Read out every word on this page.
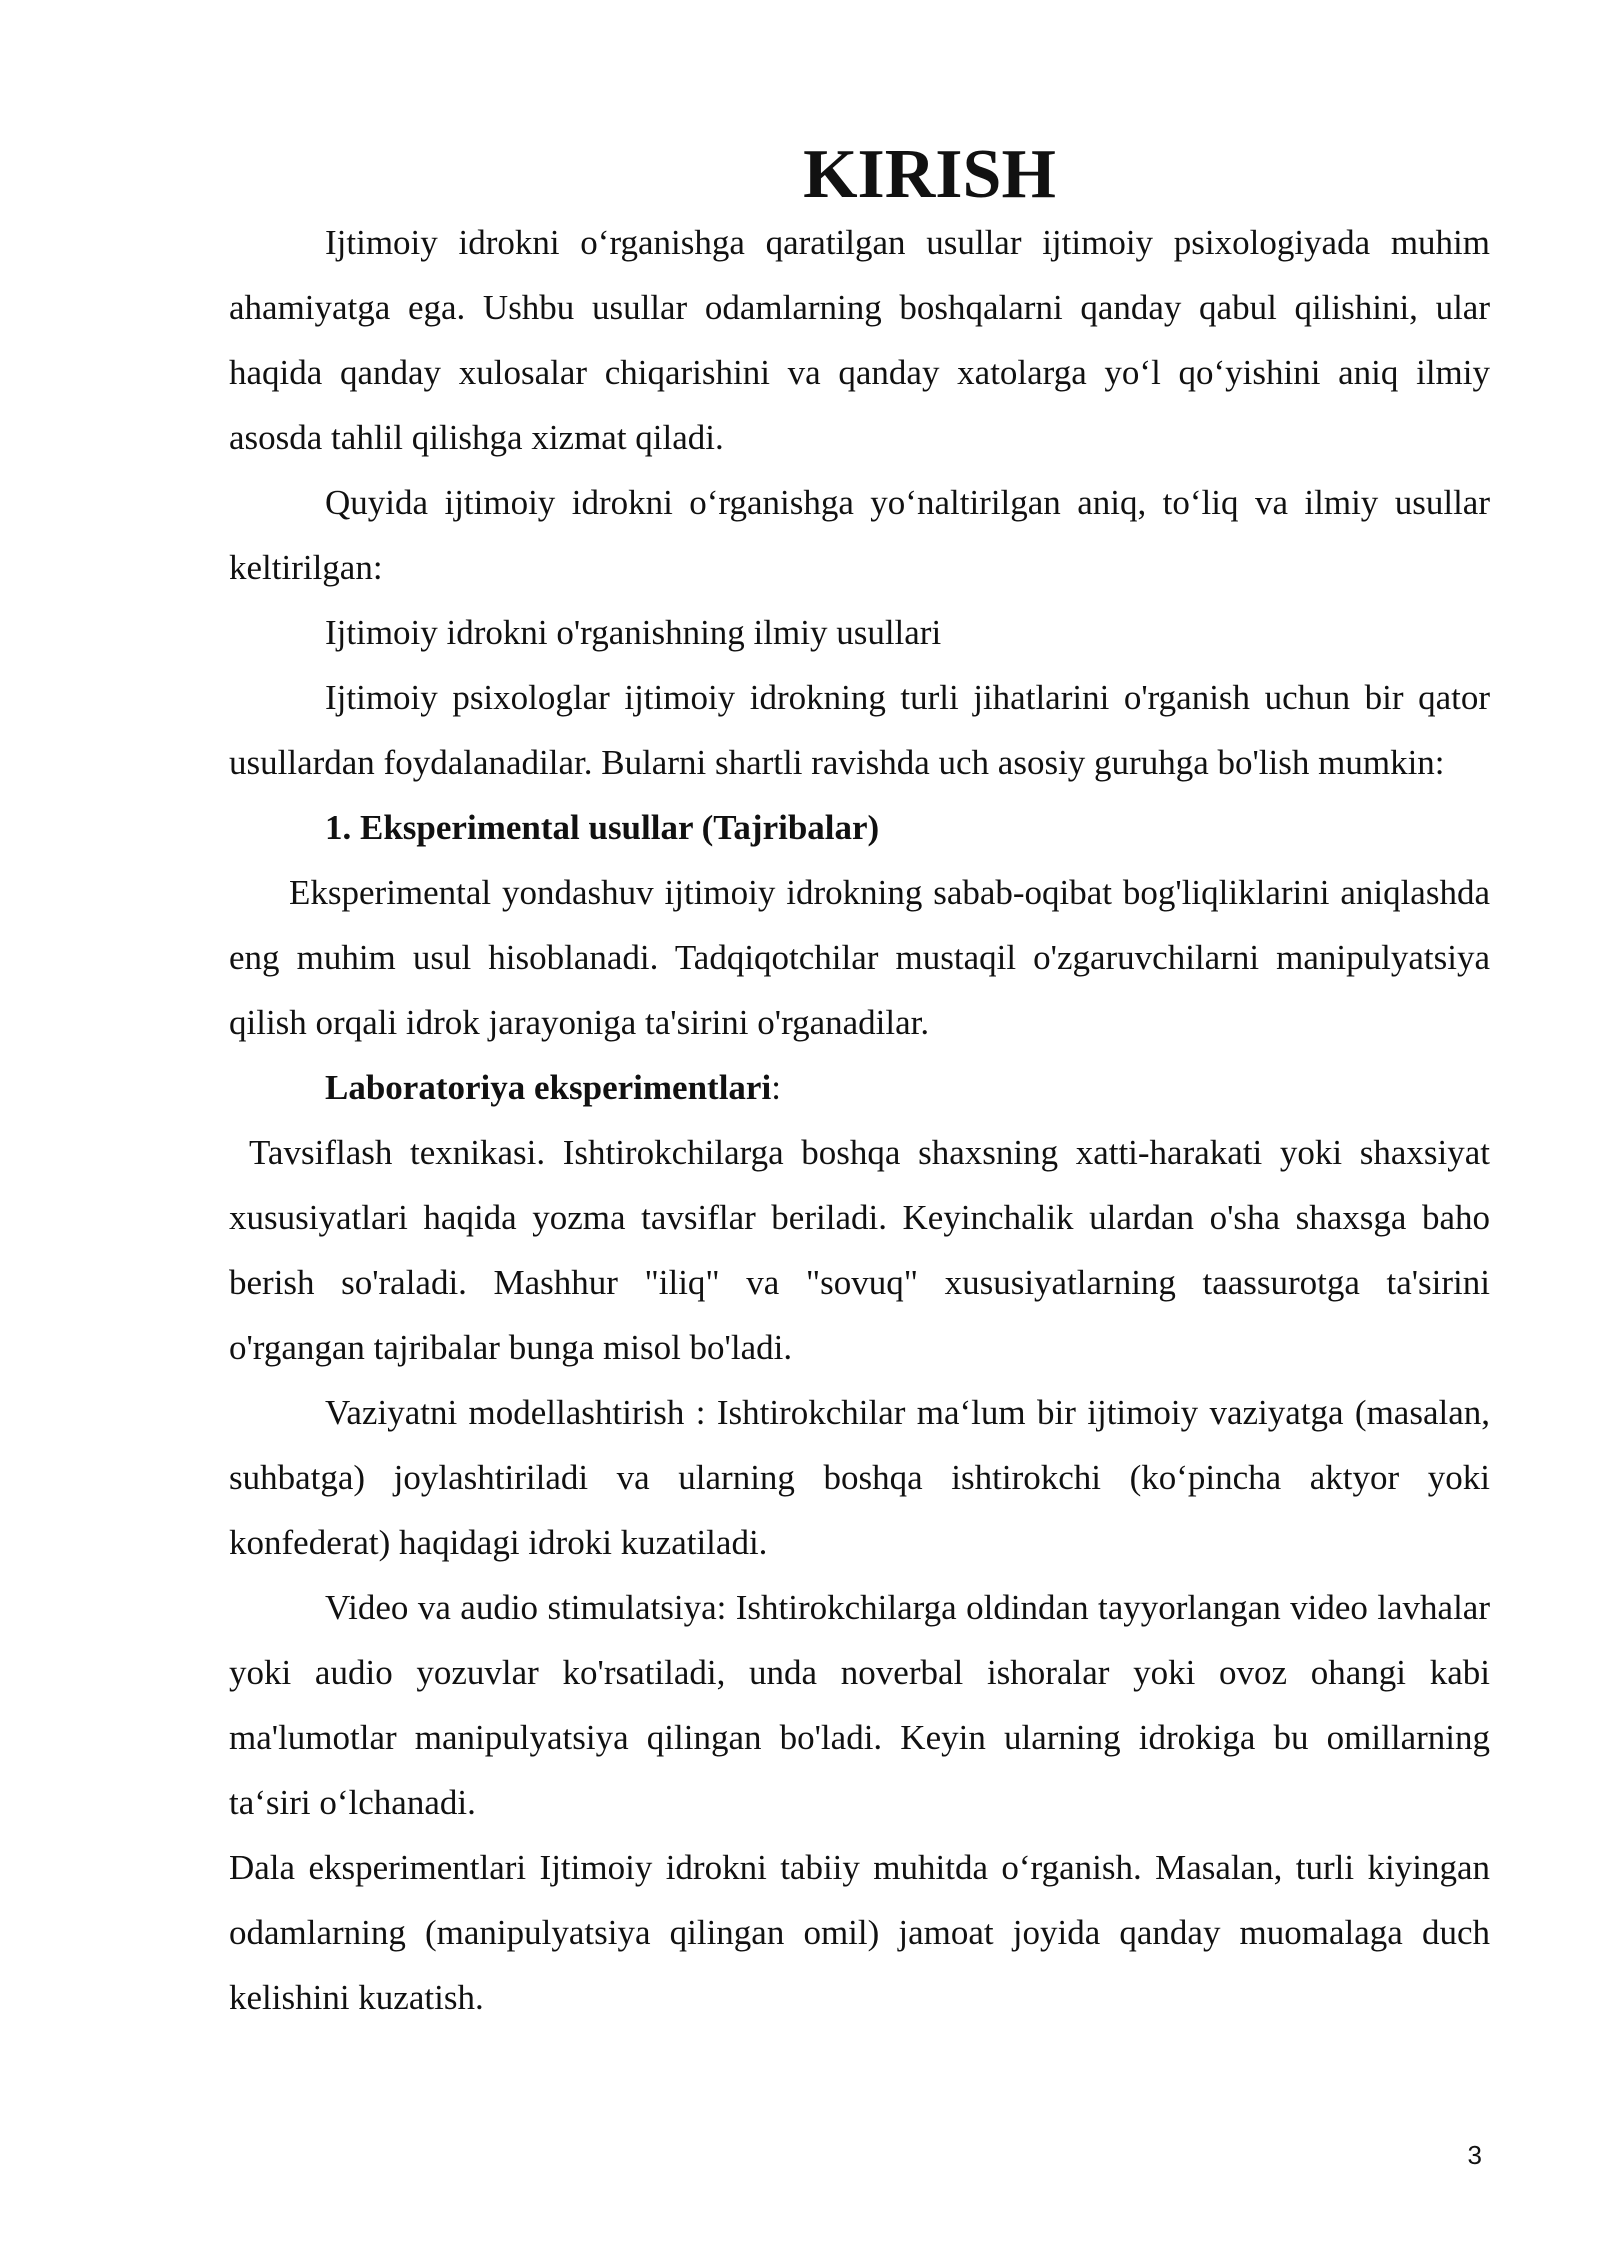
KIRISH

Ijtimoiy idrokni o‘rganishga qaratilgan usullar ijtimoiy psixologiyada muhim ahamiyatga ega. Ushbu usullar odamlarning boshqalarni qanday qabul qilishini, ular haqida qanday xulosalar chiqarishini va qanday xatolarga yo‘l qo‘yishini aniq ilmiy asosda tahlil qilishga xizmat qiladi.

Quyida ijtimoiy idrokni o‘rganishga yo‘naltirilgan aniq, to‘liq va ilmiy usullar keltirilgan:

Ijtimoiy idrokni o'rganishning ilmiy usullari

Ijtimoiy psixologlar ijtimoiy idrokning turli jihatlarini o'rganish uchun bir qator usullardan foydalanadilar. Bularni shartli ravishda uch asosiy guruhga bo'lish mumkin:

1. Eksperimental usullar (Tajribalar)

Eksperimental yondashuv ijtimoiy idrokning sabab-oqibat bog'liqliklarini aniqlashda eng muhim usul hisoblanadi. Tadqiqotchilar mustaqil o'zgaruvchilarni manipulyatsiya qilish orqali idrok jarayoniga ta'sirini o'rganadilar.

Laboratoriya eksperimentlari:

Tavsiflash texnikasi. Ishtirokchilarga boshqa shaxsning xatti-harakati yoki shaxsiyat xususiyatlari haqida yozma tavsiflar beriladi. Keyinchalik ulardan o'sha shaxsga baho berish so'raladi. Mashhur "iliq" va "sovuq" xususiyatlarning taassurotga ta'sirini o'rgangan tajribalar bunga misol bo'ladi.

Vaziyatni modellashtirish : Ishtirokchilar ma‘lum bir ijtimoiy vaziyatga (masalan, suhbatga) joylashtiriladi va ularning boshqa ishtirokchi (ko‘pincha aktyor yoki konfederat) haqidagi idroki kuzatiladi.

Video va audio stimulatsiya: Ishtirokchilarga oldindan tayyorlangan video lavhalar yoki audio yozuvlar ko'rsatiladi, unda noverbal ishoralar yoki ovoz ohangi kabi ma'lumotlar manipulyatsiya qilingan bo'ladi. Keyin ularning idrokiga bu omillarning ta‘siri o‘lchanadi.

Dala eksperimentlari Ijtimoiy idrokni tabiiy muhitda o‘rganish. Masalan, turli kiyingan odamlarning (manipulyatsiya qilingan omil) jamoat joyida qanday muomalaga duch kelishini kuzatish.

3
